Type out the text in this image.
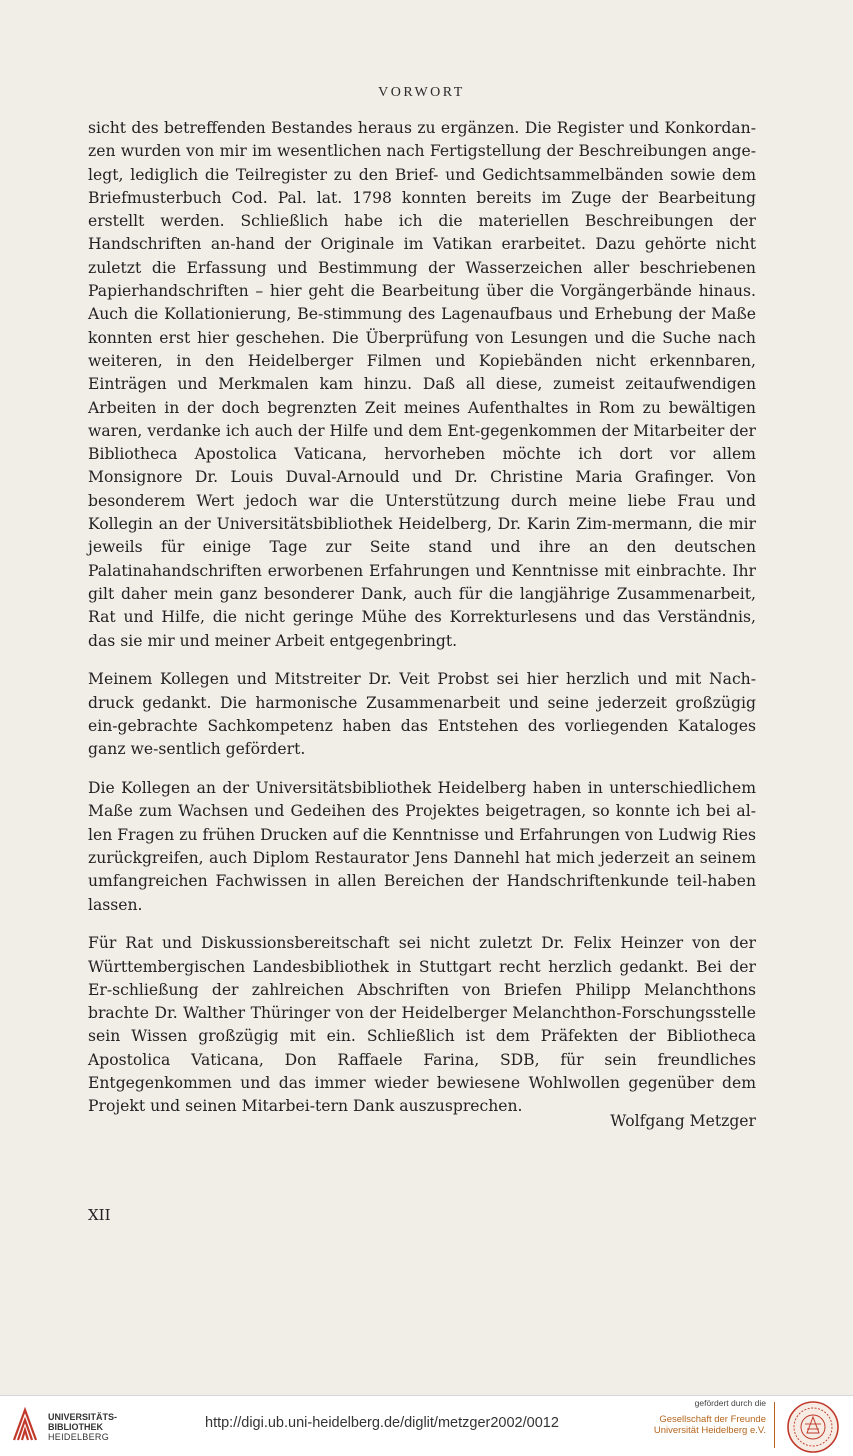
VORWORT

sicht des betreffenden Bestandes heraus zu ergänzen. Die Register und Konkordan-zen wurden von mir im wesentlichen nach Fertigstellung der Beschreibungen ange-legt, lediglich die Teilregister zu den Brief- und Gedichtsammelbänden sowie dem Briefmusterbuch Cod. Pal. lat. 1798 konnten bereits im Zuge der Bearbeitung erstellt werden. Schließlich habe ich die materiellen Beschreibungen der Handschriften an-hand der Originale im Vatikan erarbeitet. Dazu gehörte nicht zuletzt die Erfassung und Bestimmung der Wasserzeichen aller beschriebenen Papierhandschriften – hier geht die Bearbeitung über die Vorgängerbände hinaus. Auch die Kollationierung, Be-stimmung des Lagenaufbaus und Erhebung der Maße konnten erst hier geschehen. Die Überprüfung von Lesungen und die Suche nach weiteren, in den Heidelberger Filmen und Kopiebänden nicht erkennbaren, Einträgen und Merkmalen kam hinzu. Daß all diese, zumeist zeitaufwendigen Arbeiten in der doch begrenzten Zeit meines Aufenthaltes in Rom zu bewältigen waren, verdanke ich auch der Hilfe und dem Ent-gegenkommen der Mitarbeiter der Bibliotheca Apostolica Vaticana, hervorheben möchte ich dort vor allem Monsignore Dr. Louis Duval-Arnould und Dr. Christine Maria Grafinger. Von besonderem Wert jedoch war die Unterstützung durch meine liebe Frau und Kollegin an der Universitätsbibliothek Heidelberg, Dr. Karin Zim-mermann, die mir jeweils für einige Tage zur Seite stand und ihre an den deutschen Palatinahandschriften erworbenen Erfahrungen und Kenntnisse mit einbrachte. Ihr gilt daher mein ganz besonderer Dank, auch für die langjährige Zusammenarbeit, Rat und Hilfe, die nicht geringe Mühe des Korrekturlesens und das Verständnis, das sie mir und meiner Arbeit entgegenbringt.

Meinem Kollegen und Mitstreiter Dr. Veit Probst sei hier herzlich und mit Nach-druck gedankt. Die harmonische Zusammenarbeit und seine jederzeit großzügig ein-gebrachte Sachkompetenz haben das Entstehen des vorliegenden Kataloges ganz we-sentlich gefördert.

Die Kollegen an der Universitätsbibliothek Heidelberg haben in unterschiedlichem Maße zum Wachsen und Gedeihen des Projektes beigetragen, so konnte ich bei al-len Fragen zu frühen Drucken auf die Kenntnisse und Erfahrungen von Ludwig Ries zurückgreifen, auch Diplom Restaurator Jens Dannehl hat mich jederzeit an seinem umfangreichen Fachwissen in allen Bereichen der Handschriftenkunde teil-haben lassen.

Für Rat und Diskussionsbereitschaft sei nicht zuletzt Dr. Felix Heinzer von der Württembergischen Landesbibliothek in Stuttgart recht herzlich gedankt. Bei der Er-schließung der zahlreichen Abschriften von Briefen Philipp Melanchthons brachte Dr. Walther Thüringer von der Heidelberger Melanchthon-Forschungsstelle sein Wissen großzügig mit ein. Schließlich ist dem Präfekten der Bibliotheca Apostolica Vaticana, Don Raffaele Farina, SDB, für sein freundliches Entgegenkommen und das immer wieder bewiesene Wohlwollen gegenüber dem Projekt und seinen Mitarbei-tern Dank auszusprechen.

Wolfgang Metzger
XII
UNIVERSITÄTS-
BIBLIOTHEK
HEIDELBERG
http://digi.ub.uni-heidelberg.de/diglit/metzger2002/0012
gefördert durch die
Gesellschaft der Freunde
Universität Heidelberg e.V.
